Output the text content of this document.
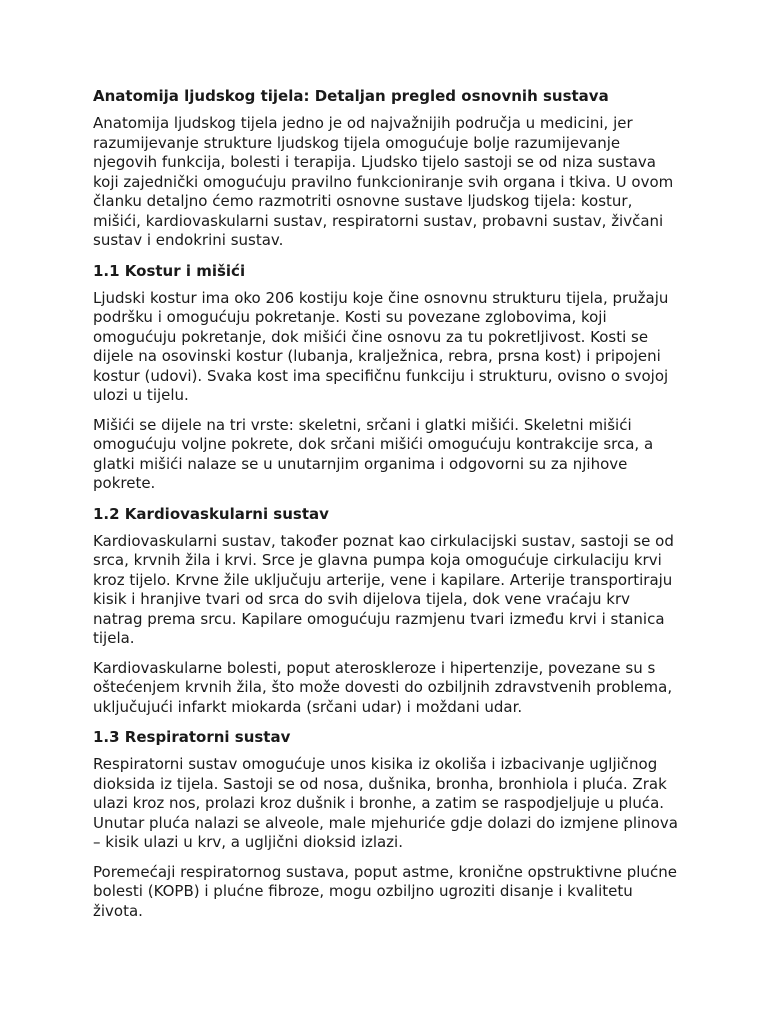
Anatomija ljudskog tijela: Detaljan pregled osnovnih sustava

Anatomija ljudskog tijela jedno je od najvažnijih područja u medicini, jer razumijevanje strukture ljudskog tijela omogućuje bolje razumijevanje njegovih funkcija, bolesti i terapija. Ljudsko tijelo sastoji se od niza sustava koji zajednički omogućuju pravilno funkcioniranje svih organa i tkiva. U ovom članku detaljno ćemo razmotriti osnovne sustave ljudskog tijela: kostur, mišići, kardiovaskularni sustav, respiratorni sustav, probavni sustav, živčani sustav i endokrini sustav.

1.1 Kostur i mišići

Ljudski kostur ima oko 206 kostiju koje čine osnovnu strukturu tijela, pružaju podršku i omogućuju pokretanje. Kosti su povezane zglobovima, koji omogućuju pokretanje, dok mišići čine osnovu za tu pokretljivost. Kosti se dijele na osovinski kostur (lubanja, kralježnica, rebra, prsna kost) i pripojeni kostur (udovi). Svaka kost ima specifičnu funkciju i strukturu, ovisno o svojoj ulozi u tijelu.

Mišići se dijele na tri vrste: skeletni, srčani i glatki mišići. Skeletni mišići omogućuju voljne pokrete, dok srčani mišići omogućuju kontrakcije srca, a glatki mišići nalaze se u unutarnjim organima i odgovorni su za njihove pokrete.

1.2 Kardiovaskularni sustav

Kardiovaskularni sustav, također poznat kao cirkulacijski sustav, sastoji se od srca, krvnih žila i krvi. Srce je glavna pumpa koja omogućuje cirkulaciju krvi kroz tijelo. Krvne žile uključuju arterije, vene i kapilare. Arterije transportiraju kisik i hranjive tvari od srca do svih dijelova tijela, dok vene vraćaju krv natrag prema srcu. Kapilare omogućuju razmjenu tvari između krvi i stanica tijela.

Kardiovaskularne bolesti, poput ateroskleroze i hipertenzije, povezane su s oštećenjem krvnih žila, što može dovesti do ozbiljnih zdravstvenih problema, uključujući infarkt miokarda (srčani udar) i moždani udar.

1.3 Respiratorni sustav

Respiratorni sustav omogućuje unos kisika iz okoliša i izbacivanje ugljičnog dioksida iz tijela. Sastoji se od nosa, dušnika, bronha, bronhiola i pluća. Zrak ulazi kroz nos, prolazi kroz dušnik i bronhe, a zatim se raspodjeljuje u pluća. Unutar pluća nalazi se alveole, male mjehuriće gdje dolazi do izmjene plinova – kisik ulazi u krv, a ugljični dioksid izlazi.

Poremećaji respiratornog sustava, poput astme, kronične opstruktivne plućne bolesti (KOPB) i plućne fibroze, mogu ozbiljno ugroziti disanje i kvalitetu života.
